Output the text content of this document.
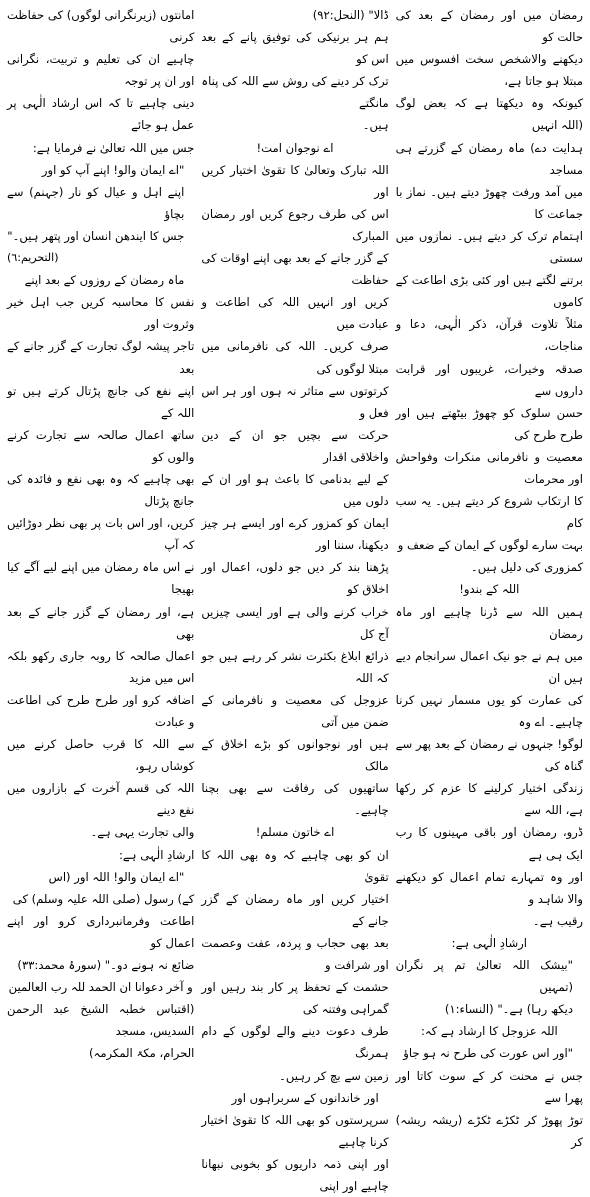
رمضان میں اور رمضان کے بعد کی حالت کو

دیکھنے والاشخص سخت افسوس میں مبتلا ہو جاتا ہے،

کیونکہ وہ دیکھتا ہے کہ بعض لوگ (اللہ انہیں

ہدایت دے) ماہ رمضان کے گزرتے ہی مساجد

میں آمد ورفت چھوڑ دیتے ہیں۔ نماز با جماعت کا

اہتمام ترک کر دیتے ہیں۔ نمازوں میں سستی

برتنے لگتے ہیں اور کئی بڑی اطاعت کے کاموں

مثلاً تلاوت قرآن، ذکر الٰہی، دعا و مناجات،

صدقہ وخیرات، غریبوں اور قرابت داروں سے

حسن سلوک کو چھوڑ بیٹھتے ہیں اور طرح طرح کی

معصیت و نافرمانی منکرات وفواحش اور محرمات

کا ارتکاب شروع کر دیتے ہیں۔ یہ سب کام

بہت سارے لوگوں کے ایمان کے ضعف و

کمزوری کی دلیل ہیں۔

اللہ کے بندو!

ہمیں اللہ سے ڈرنا چاہیے اور ماہ رمضان

میں ہم نے جو نیک اعمال سرانجام دیے ہیں ان

کی عمارت کو یوں مسمار نہیں کرنا چاہیے۔ اے وہ

لوگو! جنہوں نے رمضان کے بعد پھر سے گناہ کی

زندگی اختیار کرلینے کا عزم کر رکھا ہے، اللہ سے

ڈرو، رمضان اور باقی مہینوں کا رب ایک ہی ہے

اور وہ تمہارے تمام اعمال کو دیکھنے والا شاہد و

رقیب ہے۔

ارشادِ الٰہی ہے:

"بیشک اللہ تعالیٰ تم پر نگران (تمہیں

دیکھ رہا) ہے۔" (النساء:١)

اللہ عزوجل کا ارشاد ہے کہ:

"اور اس عورت کی طرح نہ ہو جاؤ

جس نے محنت کر کے سوت کاتا اور پھرا سے

توڑ پھوڑ کر ٹکڑے ٹکڑے (ریشہ ریشہ) کر

ڈالا" (النحل:٩٢)

ہم ہر برنیکی کی توفیق پانے کے بعد اس کو

ترک کر دینے کی روش سے اللہ کی پناہ مانگتے

ہیں۔

اے نوجوان امت!

اللہ تبارک وتعالیٰ کا تقویٰ اختیار کریں اور

اس کی طرف رجوع کریں اور رمضان المبارک

کے گزر جانے کے بعد بھی اپنے اوقات کی حفاظت

کریں اور انہیں اللہ کی اطاعت و عبادت میں

صرف کریں۔ اللہ کی نافرمانی میں مبتلا لوگوں کی

کرتوتوں سے متاثر نہ ہوں اور ہر اس فعل و

حرکت سے بچیں جو ان کے دین واخلاقی اقدار

کے لیے بدنامی کا باعث ہو اور ان کے دلوں میں

ایمان کو کمزور کرے اور ایسے ہر چیز دیکھنا، سننا اور

پڑھنا بند کر دیں جو دلوں، اعمال اور اخلاق کو

خراب کرنے والی ہے اور ایسی چیزیں آج کل

ذرائع ابلاغ بکثرت نشر کر رہے ہیں جو کہ اللہ

عزوجل کی معصیت و نافرمانی کے ضمن میں آتی

ہیں اور نوجوانوں کو بڑے اخلاق کے مالک

ساتھیوں کی رفاقت سے بھی بچنا چاہیے۔

اے خاتون مسلم!

ان کو بھی چاہیے کہ وہ بھی اللہ کا تقویٰ

اختیار کریں اور ماہ رمضان کے گزر جانے کے

بعد بھی حجاب و پردہ، عفت وعصمت اور شرافت و

حشمت کے تحفظ پر کار بند رہیں اور گمراہی وفتنہ کی

طرف دعوت دینے والے لوگوں کے دام ہمرنگ

زمین سے بچ کر رہیں۔

اور خاندانوں کے سربراہوں اور

سرپرستوں کو بھی اللہ کا تقویٰ اختیار کرنا چاہیے

اور اپنی ذمہ داریوں کو بخوبی نبھانا چاہیے اور اپنی

امانتوں (زیرنگرانی لوگوں) کی حفاظت کرنی

چاہیے ان کی تعلیم و تربیت، نگرانی اور ان پر توجہ

دینی چاہیے تا کہ اس ارشاد الٰہی پر عمل ہو جائے

جس میں اللہ تعالیٰ نے فرمایا ہے:

"اے ایمان والو! اپنے آپ کو اور

اپنے اہل و عیال کو نار (جہنم) سے بچاؤ

جس کا ایندھن انسان اور پتھر ہیں۔"

(التحریم:٦)

ماہ رمضان کے روزوں کے بعد اپنے

نفس کا محاسبہ کریں جب اہل خیر وثروت اور

تاجر پیشہ لوگ تجارت کے گزر جانے کے بعد

اپنے نفع کی جانچ پڑتال کرتے ہیں تو اللہ کے

ساتھ اعمال صالحہ سے تجارت کرنے والوں کو

بھی چاہیے کہ وہ بھی نفع و فائدہ کی جانچ پڑتال

کریں، اور اس بات پر بھی نظر دوڑائیں کہ آپ

نے اس ماہ رمضان میں اپنے لیے آگے کیا بھیجا

ہے، اور رمضان کے گزر جانے کے بعد بھی

اعمال صالحہ کا روبہ جاری رکھو بلکہ اس میں مزید

اضافہ کرو اور طرح طرح کی اطاعت و عبادت

سے اللہ کا قرب حاصل کرنے میں کوشاں رہو،

اللہ کی قسم آخرت کے بازاروں میں نفع دینے

والی تجارت یہی ہے۔

ارشادِ الٰہی ہے:

"اے ایمان والو! اللہ اور (اس

کے) رسول (صلی اللہ علیہ وسلم) کی

اطاعت وفرمانبرداری کرو اور اپنے اعمال کو

ضائع نہ ہونے دو۔" (سورۂ محمد:٣٣)

و آخر دعوانا ان الحمد للہ رب العالمین

(اقتباس خطبہ الشیخ عبد الرحمن السدیس، مسجد

الحرام، مکۃ المکرمہ)
